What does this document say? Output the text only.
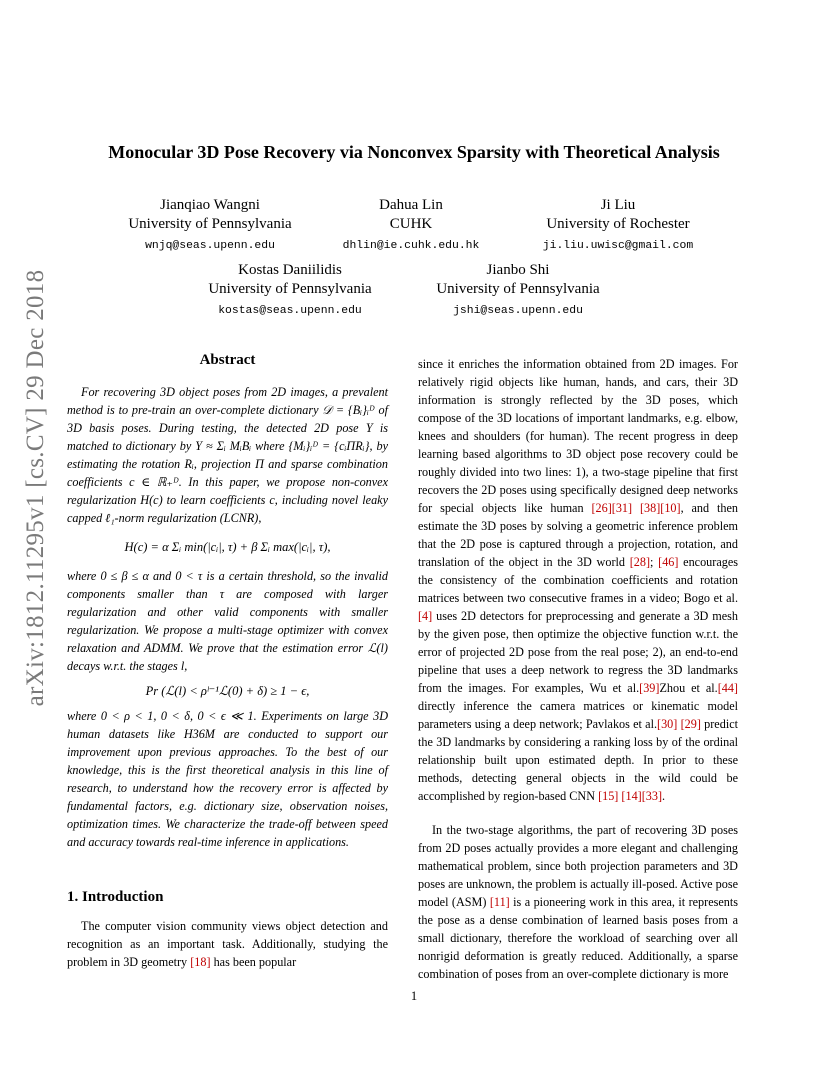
arXiv:1812.11295v1 [cs.CV] 29 Dec 2018
Monocular 3D Pose Recovery via Nonconvex Sparsity with Theoretical Analysis
Jianqiao Wangni
University of Pennsylvania
wnjq@seas.upenn.edu
Dahua Lin
CUHK
dhlin@ie.cuhk.edu.hk
Ji Liu
University of Rochester
ji.liu.uwisc@gmail.com
Kostas Daniilidis
University of Pennsylvania
kostas@seas.upenn.edu
Jianbo Shi
University of Pennsylvania
jshi@seas.upenn.edu
Abstract

For recovering 3D object poses from 2D images, a prevalent method is to pre-train an over-complete dictionary 𝒟 = {Bᵢ}ᵢᴰ of 3D basis poses. During testing, the detected 2D pose Y is matched to dictionary by Y ≈ Σᵢ MᵢBᵢ where {Mᵢ}ᵢᴰ = {cᵢΠRᵢ}, by estimating the rotation Rᵢ, projection Π and sparse combination coefficients c ∈ ℝ₊ᴰ. In this paper, we propose non-convex regularization H(c) to learn coefficients c, including novel leaky capped ℓ₁-norm regularization (LCNR),

H(c) = α Σᵢ min(|cᵢ|, τ) + β Σᵢ max(|cᵢ|, τ),

where 0 ≤ β ≤ α and 0 < τ is a certain threshold, so the invalid components smaller than τ are composed with larger regularization and other valid components with smaller regularization. We propose a multi-stage optimizer with convex relaxation and ADMM. We prove that the estimation error ℒ(l) decays w.r.t. the stages l,

Pr (ℒ(l) < ρˡ⁻¹ℒ(0) + δ) ≥ 1 − ϵ,

where 0 < ρ < 1, 0 < δ, 0 < ϵ ≪ 1. Experiments on large 3D human datasets like H36M are conducted to support our improvement upon previous approaches. To the best of our knowledge, this is the first theoretical analysis in this line of research, to understand how the recovery error is affected by fundamental factors, e.g. dictionary size, observation noises, optimization times. We characterize the trade-off between speed and accuracy towards real-time inference in applications.

1. Introduction

The computer vision community views object detection and recognition as an important task. Additionally, studying the problem in 3D geometry [18] has been popular

since it enriches the information obtained from 2D images. For relatively rigid objects like human, hands, and cars, their 3D information is strongly reflected by the 3D poses, which compose of the 3D locations of important landmarks, e.g. elbow, knees and shoulders (for human). The recent progress in deep learning based algorithms to 3D object pose recovery could be roughly divided into two lines: 1), a two-stage pipeline that first recovers the 2D poses using specifically designed deep networks for special objects like human [26][31] [38][10], and then estimate the 3D poses by solving a geometric inference problem that the 2D pose is captured through a projection, rotation, and translation of the object in the 3D world [28]; [46] encourages the consistency of the combination coefficients and rotation matrices between two consecutive frames in a video; Bogo et al.[4] uses 2D detectors for preprocessing and generate a 3D mesh by the given pose, then optimize the objective function w.r.t. the error of projected 2D pose from the real pose; 2), an end-to-end pipeline that uses a deep network to regress the 3D landmarks from the images. For examples, Wu et al.[39]Zhou et al.[44] directly inference the camera matrices or kinematic model parameters using a deep network; Pavlakos et al.[30] [29] predict the 3D landmarks by considering a ranking loss by of the ordinal relationship built upon estimated depth. In prior to these methods, detecting general objects in the wild could be accomplished by region-based CNN [15] [14][33].

In the two-stage algorithms, the part of recovering 3D poses from 2D poses actually provides a more elegant and challenging mathematical problem, since both projection parameters and 3D poses are unknown, the problem is actually ill-posed. Active pose model (ASM) [11] is a pioneering work in this area, it represents the pose as a dense combination of learned basis poses from a small dictionary, therefore the workload of searching over all nonrigid deformation is greatly reduced. Additionally, a sparse combination of poses from an over-complete dictionary is more

1
